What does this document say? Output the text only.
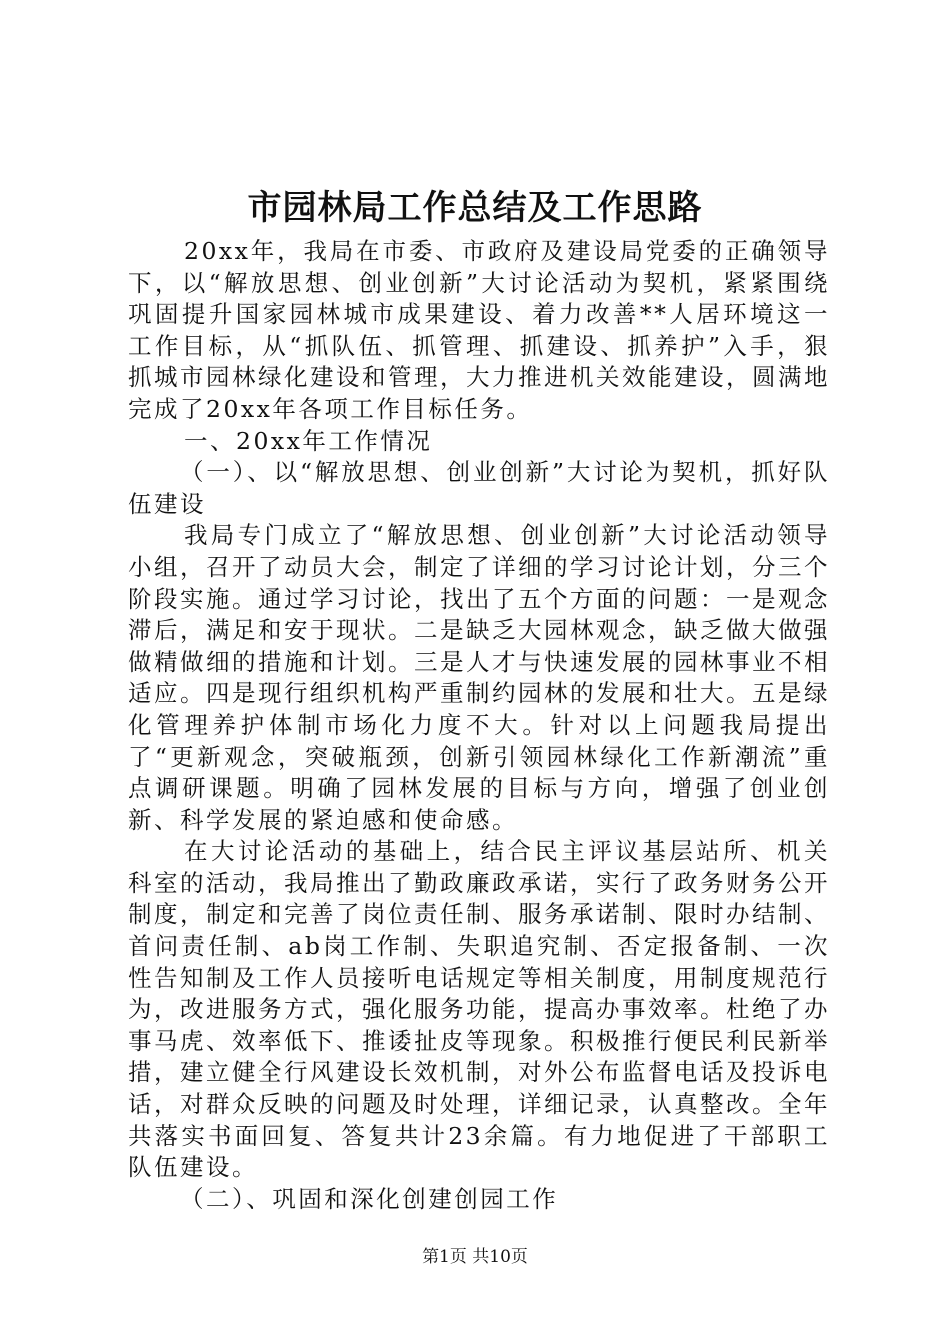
市园林局工作总结及工作思路

20xx年，我局在市委、市政府及建设局党委的正确领导下，以“解放思想、创业创新”大讨论活动为契机，紧紧围绕巩固提升国家园林城市成果建设、着力改善**人居环境这一工作目标，从“抓队伍、抓管理、抓建设、抓养护”入手，狠抓城市园林绿化建设和管理，大力推进机关效能建设，圆满地完成了20xx年各项工作目标任务。

一、20xx年工作情况

（一）、以“解放思想、创业创新”大讨论为契机，抓好队伍建设

我局专门成立了“解放思想、创业创新”大讨论活动领导小组，召开了动员大会，制定了详细的学习讨论计划，分三个阶段实施。通过学习讨论，找出了五个方面的问题：一是观念滞后，满足和安于现状。二是缺乏大园林观念，缺乏做大做强做精做细的措施和计划。三是人才与快速发展的园林事业不相适应。四是现行组织机构严重制约园林的发展和壮大。五是绿化管理养护体制市场化力度不大。针对以上问题我局提出了“更新观念，突破瓶颈，创新引领园林绿化工作新潮流”重点调研课题。明确了园林发展的目标与方向，增强了创业创新、科学发展的紧迫感和使命感。

在大讨论活动的基础上，结合民主评议基层站所、机关科室的活动，我局推出了勤政廉政承诺，实行了政务财务公开制度，制定和完善了岗位责任制、服务承诺制、限时办结制、首问责任制、ab岗工作制、失职追究制、否定报备制、一次性告知制及工作人员接听电话规定等相关制度，用制度规范行为，改进服务方式，强化服务功能，提高办事效率。杜绝了办事马虎、效率低下、推诿扯皮等现象。积极推行便民利民新举措，建立健全行风建设长效机制，对外公布监督电话及投诉电话，对群众反映的问题及时处理，详细记录，认真整改。全年共落实书面回复、答复共计23余篇。有力地促进了干部职工队伍建设。

（二）、巩固和深化创建创园工作

第1页 共10页
